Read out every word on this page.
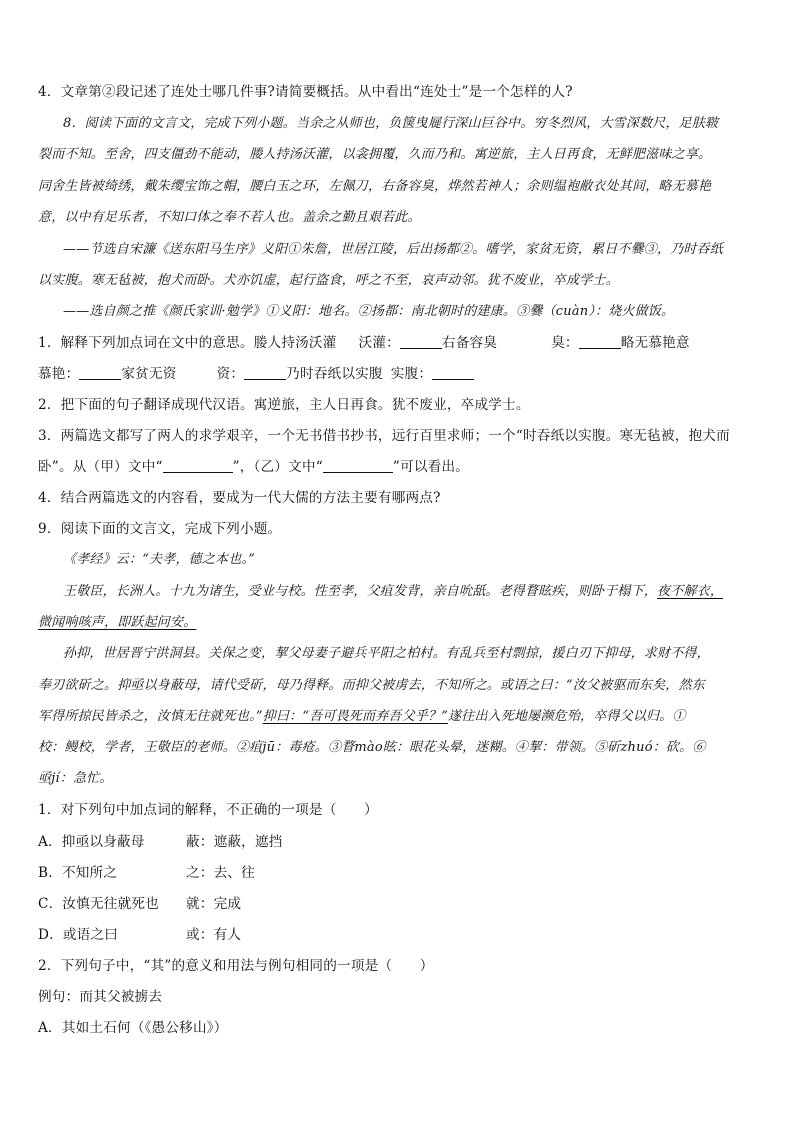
4．文章第②段记述了连处士哪几件事?请简要概括。从中看出“连处士”是一个怎样的人?
8．阅读下面的文言文，完成下列小题。当余之从师也，负箧曳屣行深山巨谷中。穷冬烈风，大雪深数尺，足肤皲
裂而不知。至舍，四支僵劲不能动，媵人持汤沃灌，以衾拥覆，久而乃和。寓逆旅，主人日再食，无鲜肥滋味之享。
同舍生皆被绮绣，戴朱缨宝饰之帽，腰白玉之环，左佩刀，右备容臭，烨然若神人；余则缊袍敝衣处其间，略无慕艳
意，以中有足乐者，不知口体之奉不若人也。盖余之勤且艰若此。
——节选自宋濂《送东阳马生序》义阳①朱詹，世居江陵，后出扬都②。嗜学，家贫无资，累日不爨③，乃时吞纸
以实腹。寒无毡被，抱犬而卧。犬亦饥虚，起行盗食，呼之不至，哀声动邻。犹不废业，卒成学士。
——选自颜之推《颜氏家训·勉学》①义阳：地名。②扬都：南北朝时的建康。③爨（cuàn）：烧火做饭。
1．解释下列加点词在文中的意思。媵人持汤沃灌 沃灌：	右备容臭	臭：	略无慕艳意
慕艳：	家贫无资	资：	乃时吞纸以实腹 实腹：
2．把下面的句子翻译成现代汉语。寓逆旅，主人日再食。犹不废业，卒成学士。
3．两篇选文都写了两人的求学艰辛，一个无书借书抄书，远行百里求师；一个“时吞纸以实腹。寒无毡被，抱犬而
卧”。从（甲）文中“	”，（乙）文中“	”可以看出。
4．结合两篇选文的内容看，要成为一代大儒的方法主要有哪两点?
9．阅读下面的文言文，完成下列小题。
《孝经》云：“夫孝，德之本也。”
王敬臣，长洲人。十九为诸生，受业与校。性至孝，父疽发背，亲自吮舐。老得瞀眩疾，则卧于榻下，夜不解衣，
微闻响咳声，即跃起问安。
孙抑，世居晋宁洪洞县。关保之变，挈父母妻子避兵平阳之柏村。有乱兵至村剽掠，援白刃下抑母，求财不得，
奉刃欲斫之。抑亟以身蔽母，请代受斫，母乃得释。而抑父被虏去，不知所之。或语之曰：“汝父被驱而东矣，然东
军得所掠民皆杀之，汝慎无往就死也。”抑曰：“吾可畏死而弃吾父乎？”遂往出入死地屡濒危殆，卒得父以归。①
校：鳗校，学者，王敬臣的老师。②疽jū：毒疮。③瞀mào眩：眼花头晕，迷糊。④挈：带领。⑤斫zhuó：砍。⑥
亟jí：急忙。
1．对下列句中加点词的解释，不正确的一项是（　　）
A．抑亟以身蔽母	蔽：遮蔽，遮挡
B．不知所之	之：去、往
C．汝慎无往就死也 就：完成
D．或语之曰	或：有人
2．下列句子中，“其”的意义和用法与例句相同的一项是（　　）
例句：而其父被掳去
A．其如土石何（《愚公移山》）
